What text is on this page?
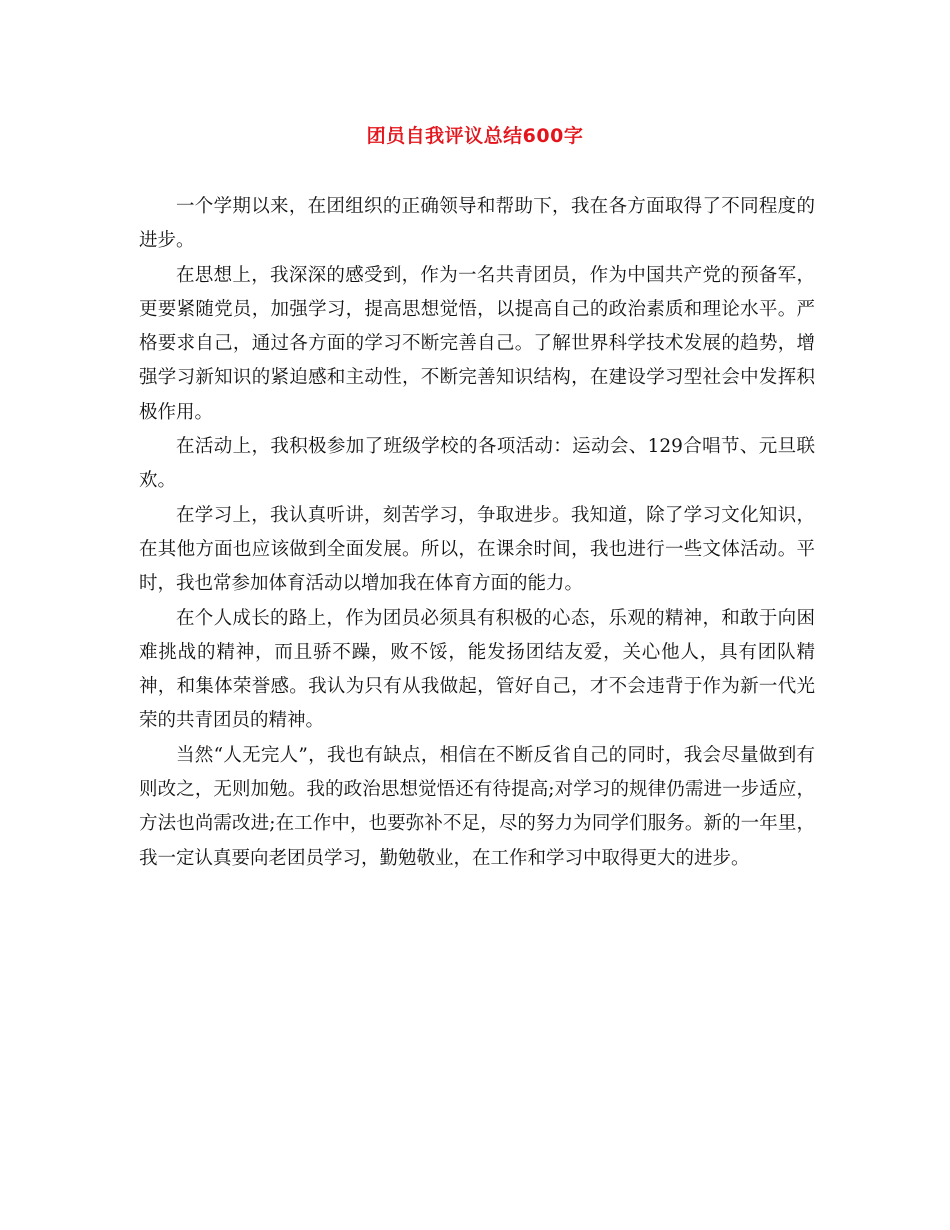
团员自我评议总结600字

一个学期以来，在团组织的正确领导和帮助下，我在各方面取得了不同程度的进步。

在思想上，我深深的感受到，作为一名共青团员，作为中国共产党的预备军，更要紧随党员，加强学习，提高思想觉悟，以提高自己的政治素质和理论水平。严格要求自己，通过各方面的学习不断完善自己。了解世界科学技术发展的趋势，增强学习新知识的紧迫感和主动性，不断完善知识结构，在建设学习型社会中发挥积极作用。

在活动上，我积极参加了班级学校的各项活动：运动会、129合唱节、元旦联欢。

在学习上，我认真听讲，刻苦学习，争取进步。我知道，除了学习文化知识，在其他方面也应该做到全面发展。所以，在课余时间，我也进行一些文体活动。平时，我也常参加体育活动以增加我在体育方面的能力。

在个人成长的路上，作为团员必须具有积极的心态，乐观的精神，和敢于向困难挑战的精神，而且骄不躁，败不馁，能发扬团结友爱，关心他人，具有团队精神，和集体荣誉感。我认为只有从我做起，管好自己，才不会违背于作为新一代光荣的共青团员的精神。

当然“人无完人”，我也有缺点，相信在不断反省自己的同时，我会尽量做到有则改之，无则加勉。我的政治思想觉悟还有待提高;对学习的规律仍需进一步适应，方法也尚需改进;在工作中，也要弥补不足，尽的努力为同学们服务。新的一年里，我一定认真要向老团员学习，勤勉敬业，在工作和学习中取得更大的进步。
